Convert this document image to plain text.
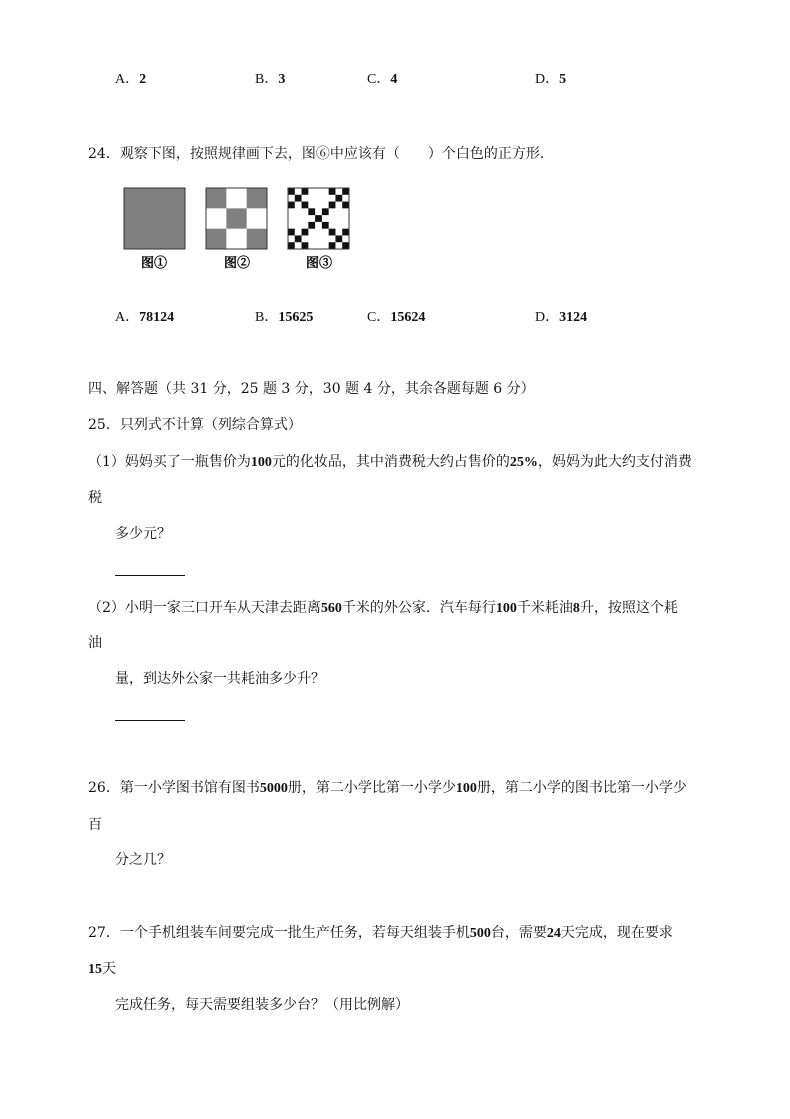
A．2	B．3	C．4	D．5
24．观察下图，按照规律画下去，图⑥中应该有（　　）个白色的正方形．
图①	图②	图③
A．78124	B．15625	C．15624	D．3124
四、解答题（共 31 分，25 题 3 分，30 题 4 分，其余各题每题 6 分）
25．只列式不计算（列综合算式）
（1）妈妈买了一瓶售价为100元的化妆品，其中消费税大约占售价的25%，妈妈为此大约支付消费
税
多少元？
（2）小明一家三口开车从天津去距离560千米的外公家．汽车每行100千米耗油8升，按照这个耗
油
量，到达外公家一共耗油多少升？
26．第一小学图书馆有图书5000册，第二小学比第一小学少100册，第二小学的图书比第一小学少
百
分之几？
27．一个手机组装车间要完成一批生产任务，若每天组装手机500台，需要24天完成，现在要求
15天
完成任务，每天需要组装多少台？（用比例解）
